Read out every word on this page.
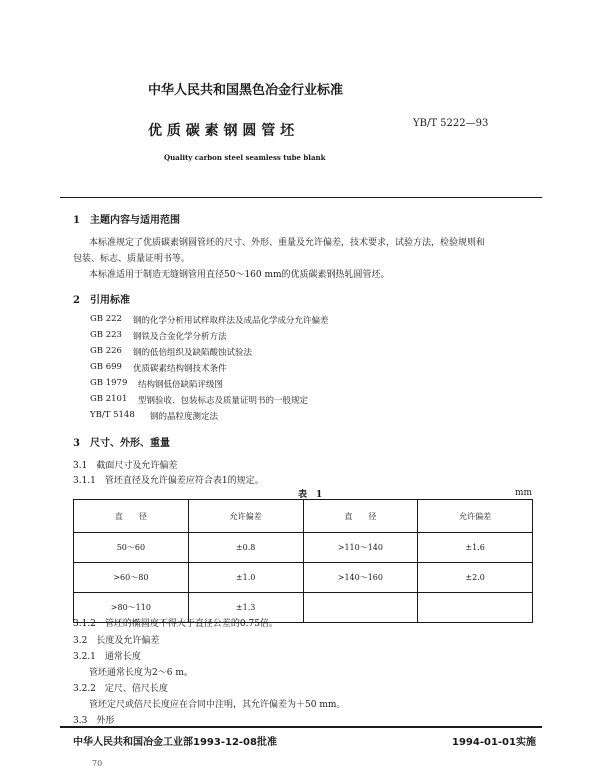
中华人民共和国黑色冶金行业标准
YB/T 5222—93
优 质 碳 素 钢 圆 管 坯
Quality carbon steel seamless tube blank
1　主题内容与适用范围
本标准规定了优质碳素钢圆管坯的尺寸、外形、重量及允许偏差，技术要求，试验方法，检验规则和
包装、标志、质量证明书等。
本标准适用于制造无缝钢管用直径50～160 mm的优质碳素钢热轧圆管坯。
2　引用标准
GB 222 钢的化学分析用试样取样法及成品化学成分允许偏差
GB 223 钢铁及合金化学分析方法
GB 226 钢的低倍组织及缺陷酸蚀试验法
GB 699 优质碳素结构钢技术条件
GB 1979 结构钢低倍缺陷评级图
GB 2101 型钢验收、包装标志及质量证明书的一般规定
YB/T 5148 钢的晶粒度测定法
3　尺寸、外形、重量
3.1　截面尺寸及允许偏差
3.1.1　管坯直径及允许偏差应符合表1的规定。
表　1	mm
直　　径	允许偏差	直　　径	允许偏差
50～60	±0.8	>110～140	±1.6
>60～80	±1.0	>140～160	±2.0
>80～110	±1.3		
3.1.2　管坯的椭圆度不得大于直径公差的0.75倍。
3.2　长度及允许偏差
3.2.1　通常长度
管坯通常长度为2～6 m。
3.2.2　定尺、倍尺长度
管坯定尺或倍尺长度应在合同中注明，其允许偏差为＋50 mm。
3.3　外形
中华人民共和国冶金工业部1993-12-08批准	1994-01-01实施
70
